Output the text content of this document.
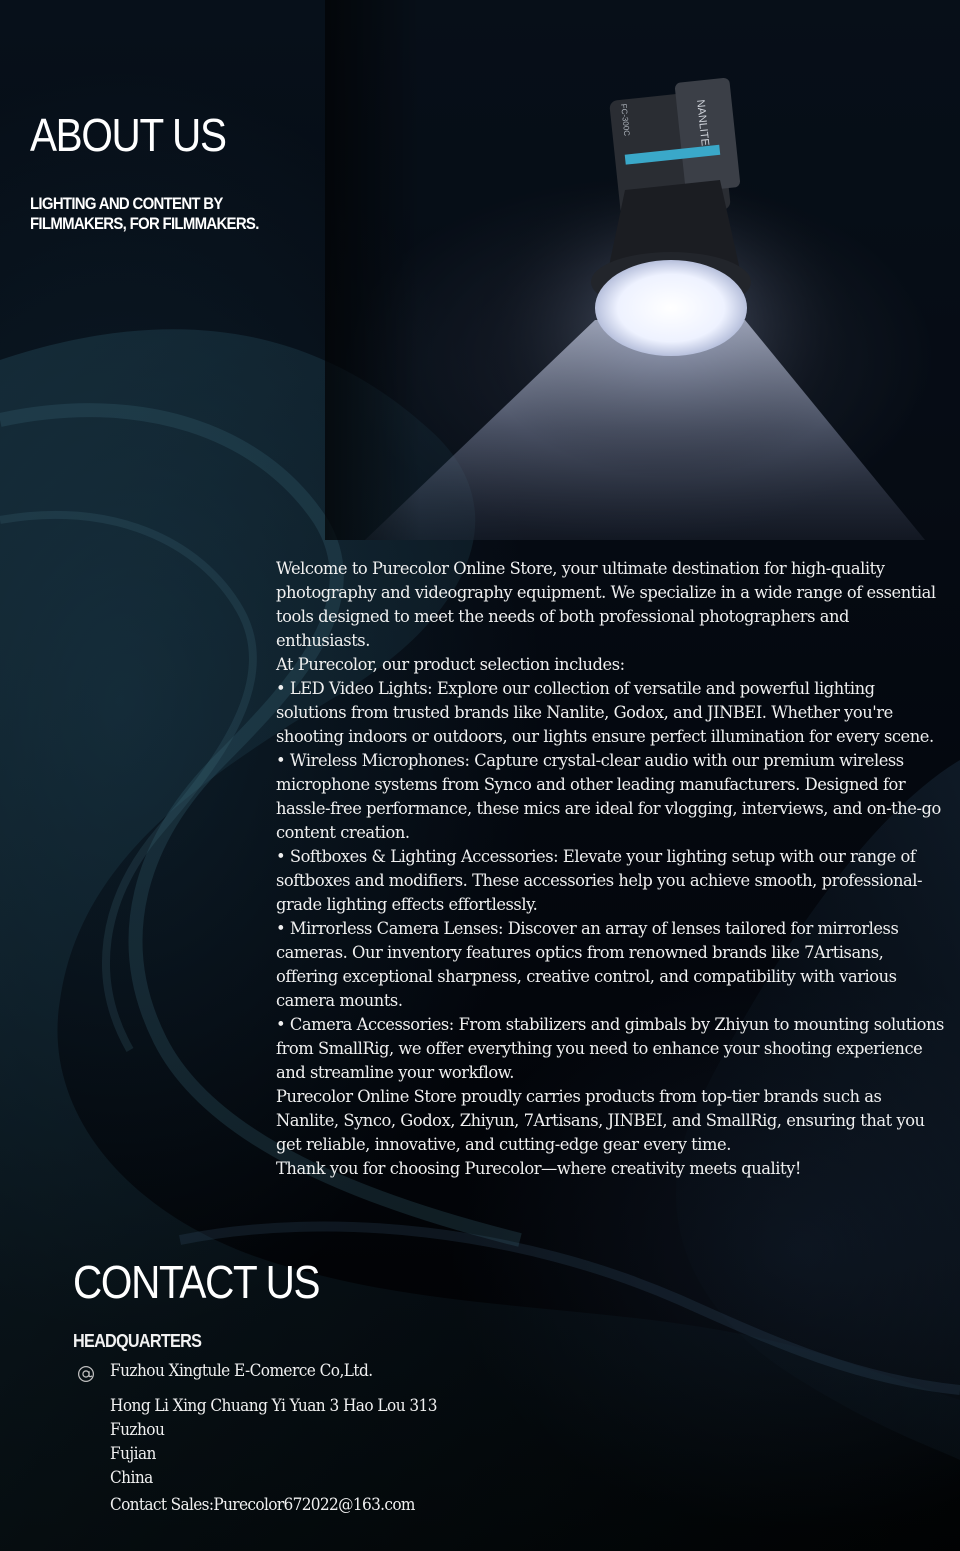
ABOUT US
LIGHTING AND CONTENT BY
FILMMAKERS, FOR FILMMAKERS.

Welcome to Purecolor Online Store, your ultimate destination for high-quality photography and videography equipment. We specialize in a wide range of essential tools designed to meet the needs of both professional photographers and enthusiasts.

At Purecolor, our product selection includes:

• LED Video Lights: Explore our collection of versatile and powerful lighting solutions from trusted brands like Nanlite, Godox, and JINBEI. Whether you're shooting indoors or outdoors, our lights ensure perfect illumination for every scene.

• Wireless Microphones: Capture crystal-clear audio with our premium wireless microphone systems from Synco and other leading manufacturers. Designed for hassle-free performance, these mics are ideal for vlogging, interviews, and on-the-go content creation.

• Softboxes & Lighting Accessories: Elevate your lighting setup with our range of softboxes and modifiers. These accessories help you achieve smooth, professional-grade lighting effects effortlessly.

• Mirrorless Camera Lenses: Discover an array of lenses tailored for mirrorless cameras. Our inventory features optics from renowned brands like 7Artisans, offering exceptional sharpness, creative control, and compatibility with various camera mounts.

• Camera Accessories: From stabilizers and gimbals by Zhiyun to mounting solutions from SmallRig, we offer everything you need to enhance your shooting experience and streamline your workflow.

Purecolor Online Store proudly carries products from top-tier brands such as Nanlite, Synco, Godox, Zhiyun, 7Artisans, JINBEI, and SmallRig, ensuring that you get reliable, innovative, and cutting-edge gear every time.

Thank you for choosing Purecolor—where creativity meets quality!

CONTACT US
HEADQUARTERS
Fuzhou Xingtule E-Comerce Co,Ltd.
Hong Li Xing Chuang Yi Yuan 3 Hao Lou 313
Fuzhou
Fujian
China
Contact Sales:Purecolor672022@163.com
